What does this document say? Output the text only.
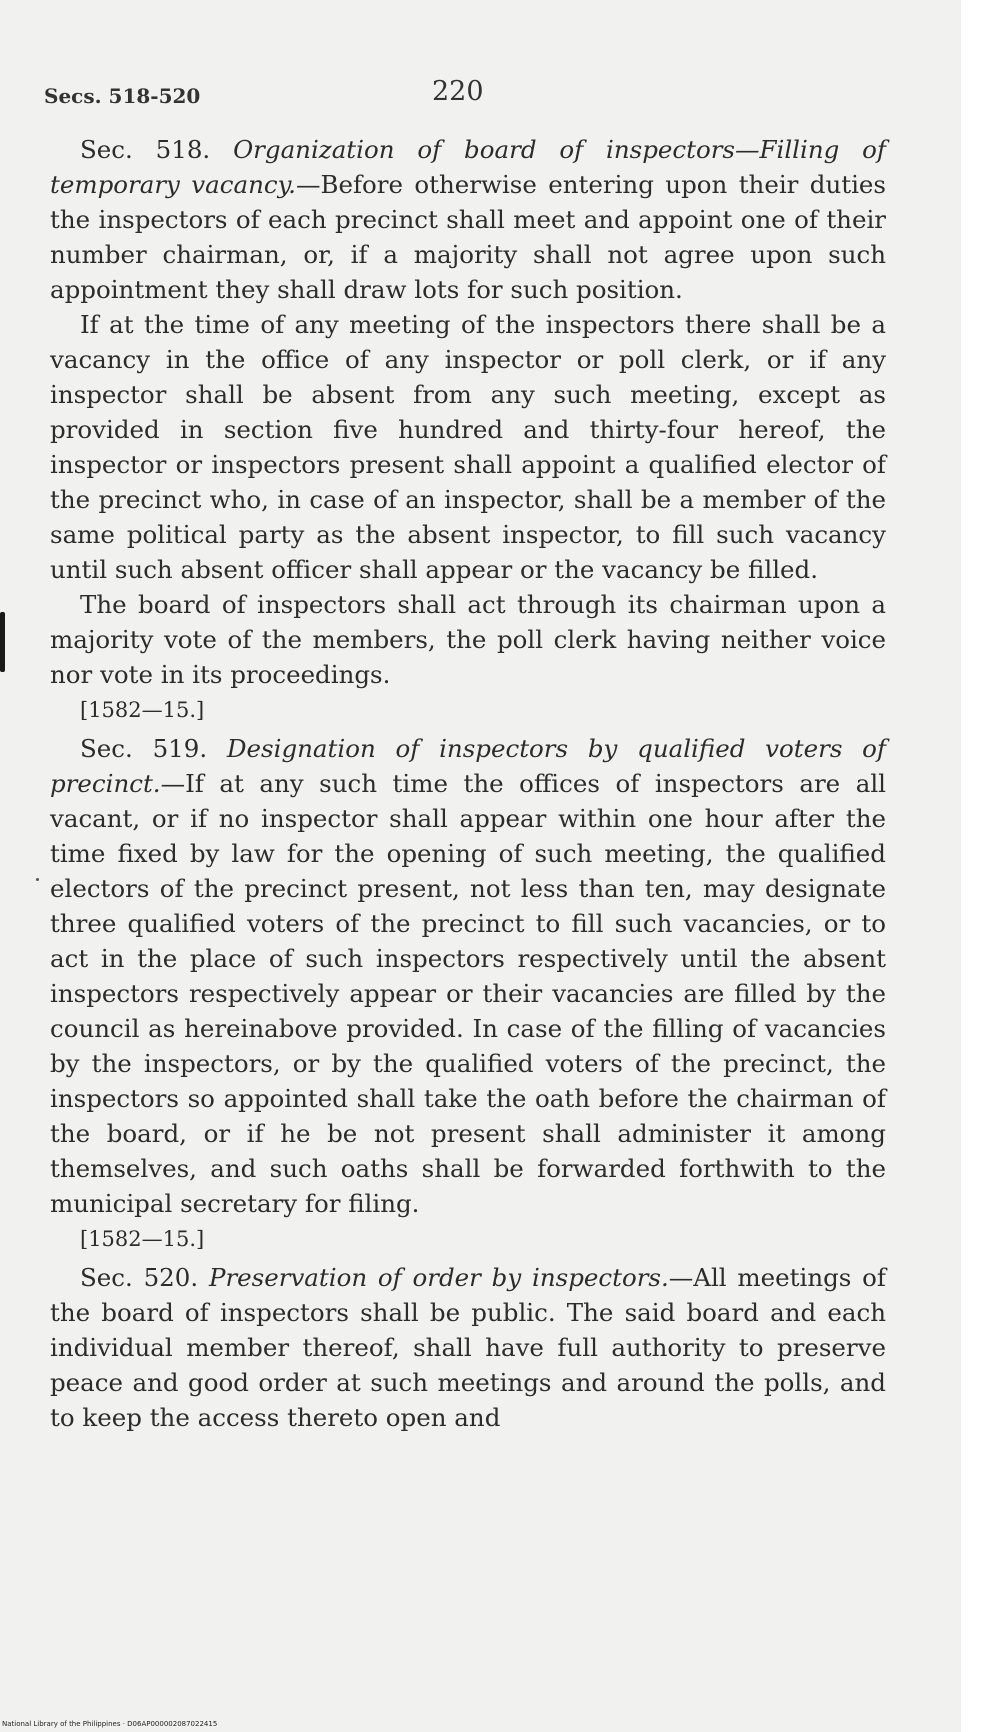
Secs. 518-520	220

Sec. 518. Organization of board of inspectors—Filling of temporary vacancy.—Before otherwise entering upon their duties the inspectors of each precinct shall meet and appoint one of their number chairman, or, if a majority shall not agree upon such appointment they shall draw lots for such position.

If at the time of any meeting of the inspectors there shall be a vacancy in the office of any inspector or poll clerk, or if any inspector shall be absent from any such meeting, except as provided in section five hundred and thirty-four hereof, the inspector or inspectors present shall appoint a qualified elector of the precinct who, in case of an inspector, shall be a member of the same political party as the absent inspector, to fill such vacancy until such absent officer shall appear or the vacancy be filled.

The board of inspectors shall act through its chairman upon a majority vote of the members, the poll clerk having neither voice nor vote in its proceedings.

[1582—15.]

Sec. 519. Designation of inspectors by qualified voters of precinct.—If at any such time the offices of inspectors are all vacant, or if no inspector shall appear within one hour after the time fixed by law for the opening of such meeting, the qualified electors of the precinct present, not less than ten, may designate three qualified voters of the precinct to fill such vacancies, or to act in the place of such inspectors respectively until the absent inspectors respectively appear or their vacancies are filled by the council as hereinabove provided. In case of the filling of vacancies by the inspectors, or by the qualified voters of the precinct, the inspectors so appointed shall take the oath before the chairman of the board, or if he be not present shall administer it among themselves, and such oaths shall be forwarded forthwith to the municipal secretary for filing.

[1582—15.]

Sec. 520. Preservation of order by inspectors.—All meetings of the board of inspectors shall be public. The said board and each individual member thereof, shall have full authority to preserve peace and good order at such meetings and around the polls, and to keep the access thereto open and

National Library of the Philippines · D06AP000002087022415
